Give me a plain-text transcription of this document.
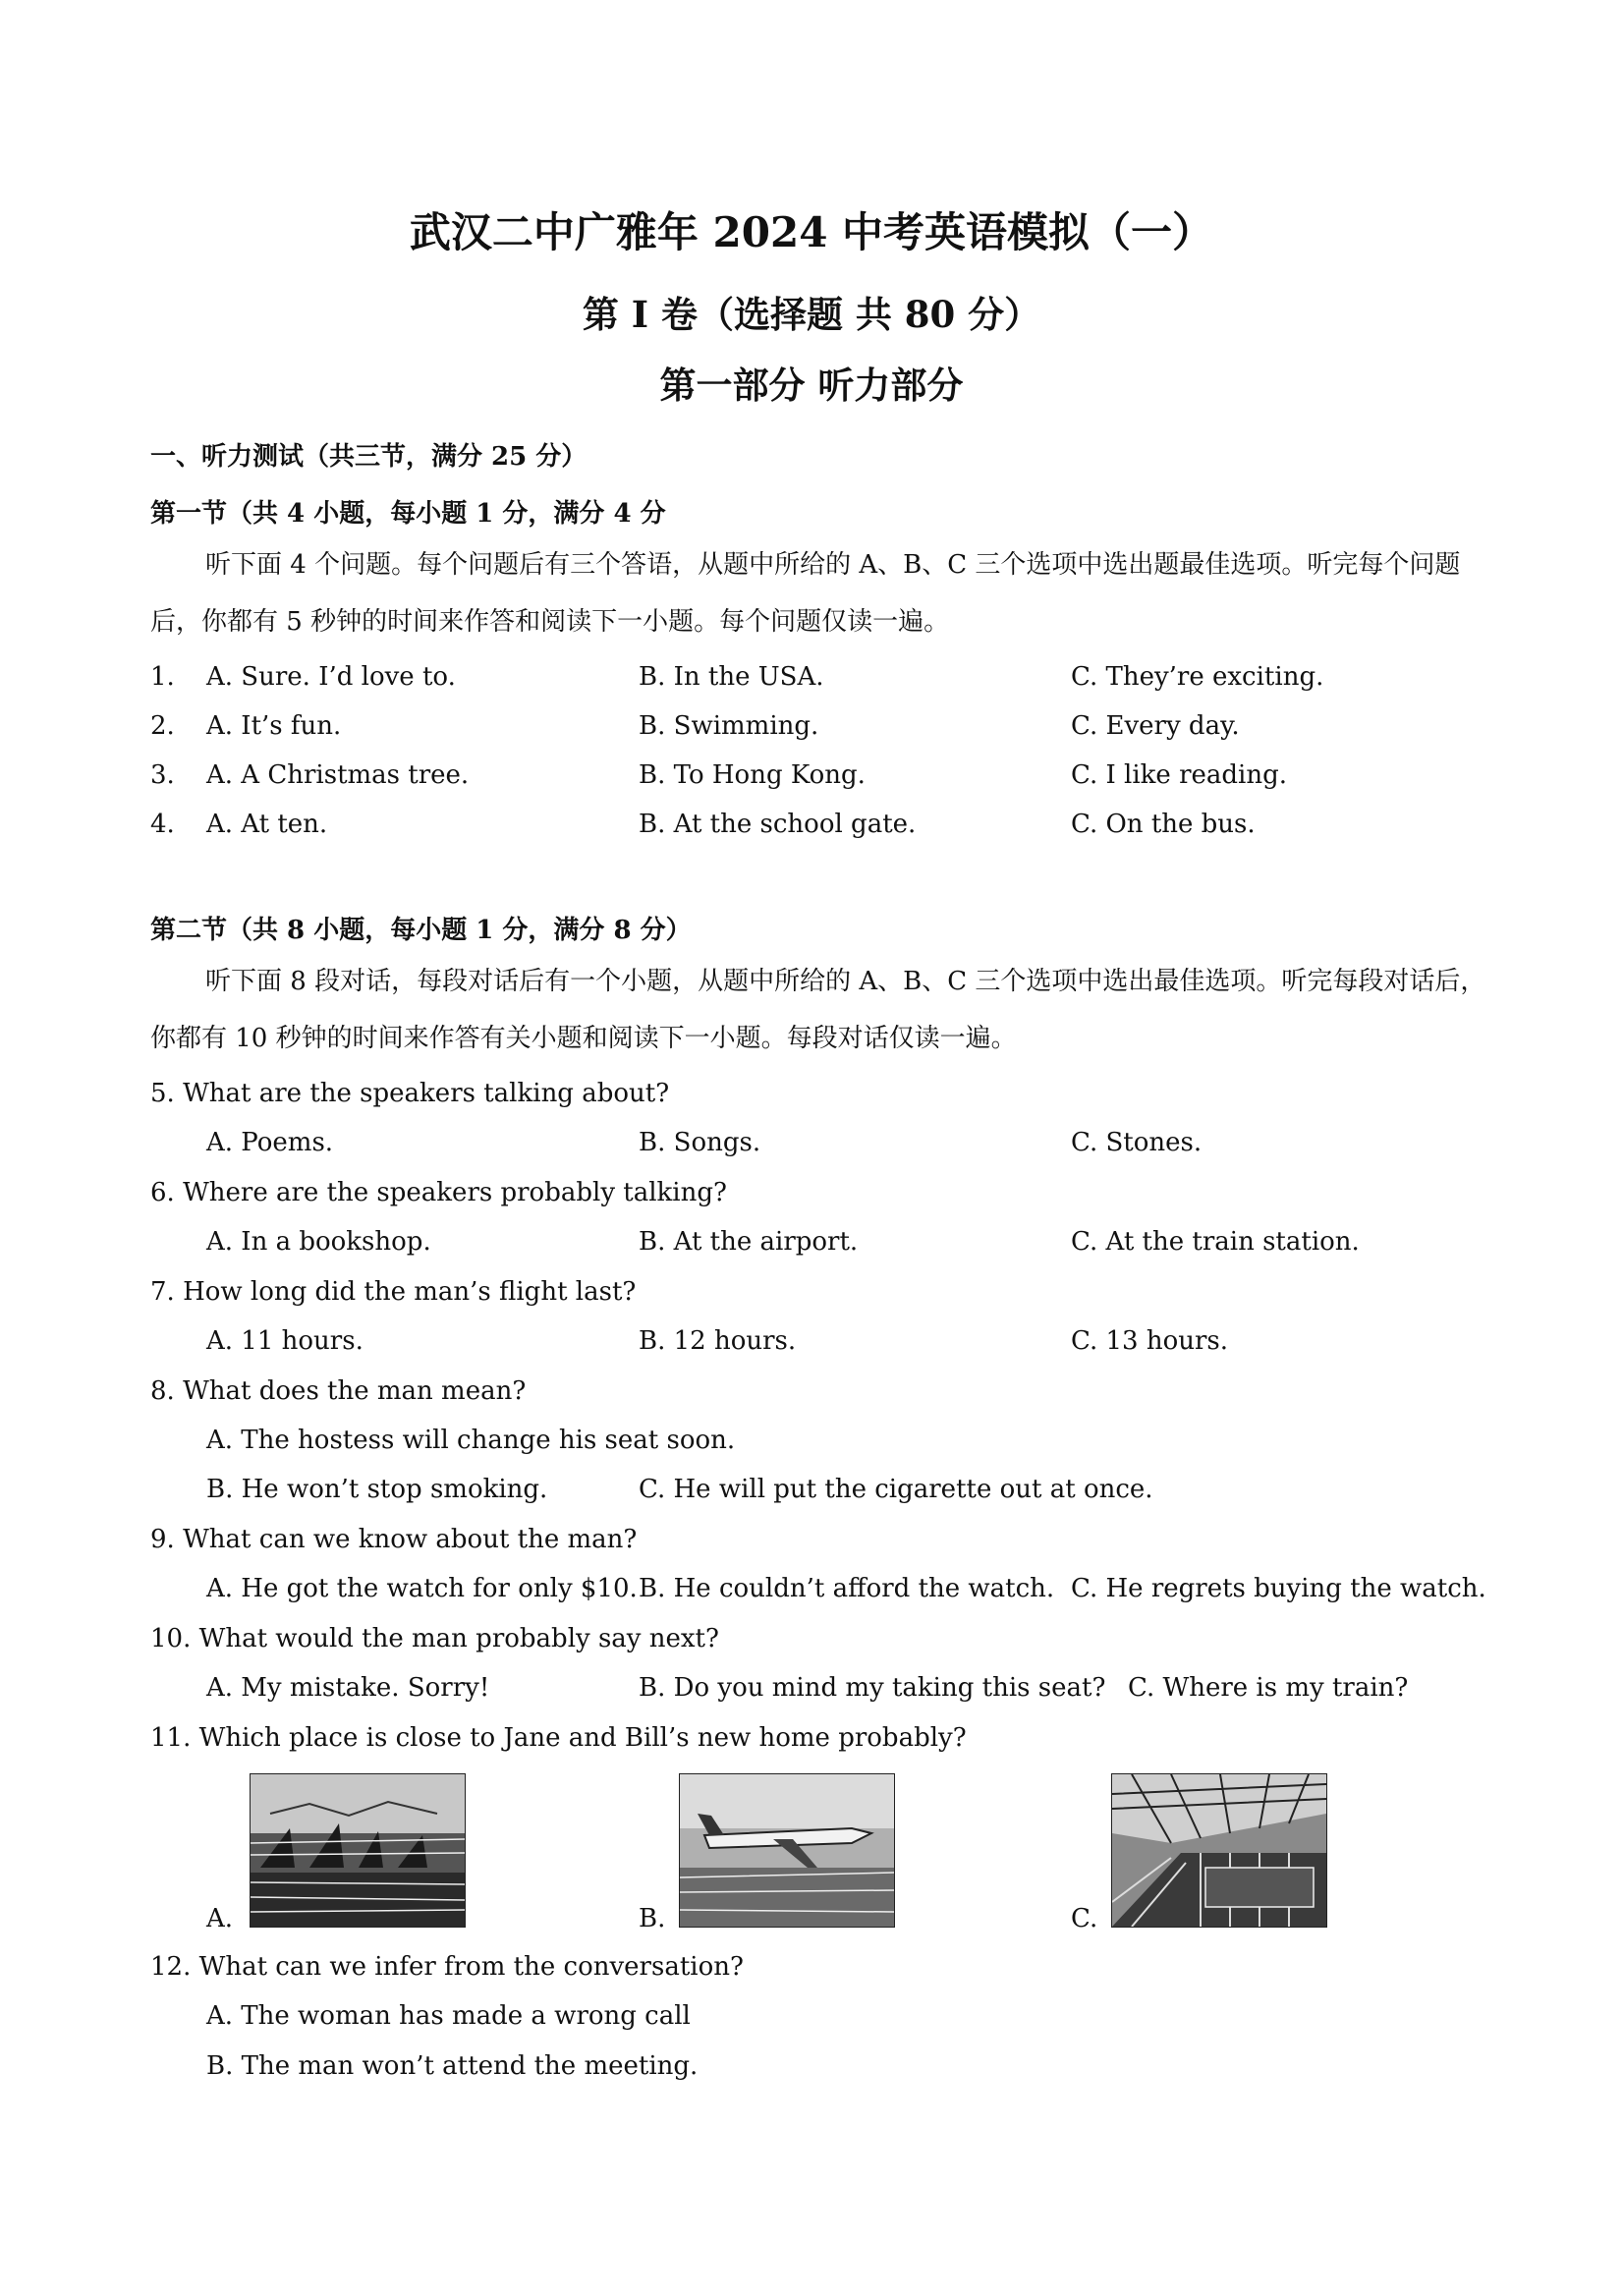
武汉二中广雅年 2024 中考英语模拟（一）
第 I 卷（选择题 共 80 分）
第一部分 听力部分
一、听力测试（共三节，满分 25 分）
第一节（共 4 小题，每小题 1 分，满分 4 分
听下面 4 个问题。每个问题后有三个答语，从题中所给的 A、B、C 三个选项中选出题最佳选项。听完每个问题后，你都有 5 秒钟的时间来作答和阅读下一小题。每个问题仅读一遍。
1. A. Sure. I’d love to.	B. In the USA.	C. They’re exciting.
2. A. It’s fun.	B. Swimming.	C. Every day.
3. A. A Christmas tree.	B. To Hong Kong.	C. I like reading.
4. A. At ten.	B. At the school gate.	C. On the bus.
第二节（共 8 小题，每小题 1 分，满分 8 分）
听下面 8 段对话，每段对话后有一个小题，从题中所给的 A、B、C 三个选项中选出最佳选项。听完每段对话后，你都有 10 秒钟的时间来作答有关小题和阅读下一小题。每段对话仅读一遍。
5. What are the speakers talking about?
A. Poems.	B. Songs.	C. Stones.
6. Where are the speakers probably talking?
A. In a bookshop.	B. At the airport.	C. At the train station.
7. How long did the man’s flight last?
A. 11 hours.	B. 12 hours.	C. 13 hours.
8. What does the man mean?
A. The hostess will change his seat soon.
B. He won’t stop smoking.	C. He will put the cigarette out at once.
9. What can we know about the man?
A. He got the watch for only $10. B. He couldn’t afford the watch. C. He regrets buying the watch.
10. What would the man probably say next?
A. My mistake. Sorry!	B. Do you mind my taking this seat? C. Where is my train?
11. Which place is close to Jane and Bill’s new home probably?
A.	B.	C.
12. What can we infer from the conversation?
A. The woman has made a wrong call
B. The man won’t attend the meeting.
